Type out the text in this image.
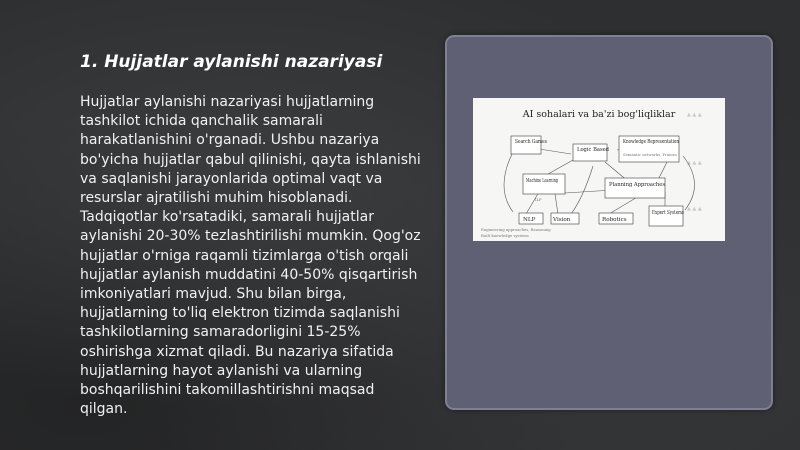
1. Hujjatlar aylanishi nazariyasi

Hujjatlar aylanishi nazariyasi hujjatlarning tashkilot ichida qanchalik samarali harakatlanishini o'rganadi. Ushbu nazariya bo'yicha hujjatlar qabul qilinishi, qayta ishlanishi va saqlanishi jarayonlarida optimal vaqt va resurslar ajratilishi muhim hisoblanadi. Tadqiqotlar ko'rsatadiki, samarali hujjatlar aylanishi 20-30% tezlashtirilishi mumkin. Qog'oz hujjatlar o'rniga raqamli tizimlarga o'tish orqali hujjatlar aylanish muddatini 40-50% qisqartirish imkoniyatlari mavjud. Shu bilan birga, hujjatlarning to'liq elektron tizimda saqlanishi tashkilotlarning samaradorligini 15-25% oshirishga xizmat qiladi. Bu nazariya sifatida hujjatlarning hayot aylanishi va ularning boshqarilishini takomillashtirishni maqsad qilgan.

▲ ▲ ▲
▲ ▲ ▲
▲ ▲ ▲
AI sohalari va ba'zi bog'liqliklar
Search Games
Logic Based
Knowledge Representation
Semantic networks, Frames
Machine Learning
ILP
Planning Approaches
NLP	Vision	Robotics
Expert Systems
Engineering approaches, Reasoning
Built knowledge systems
